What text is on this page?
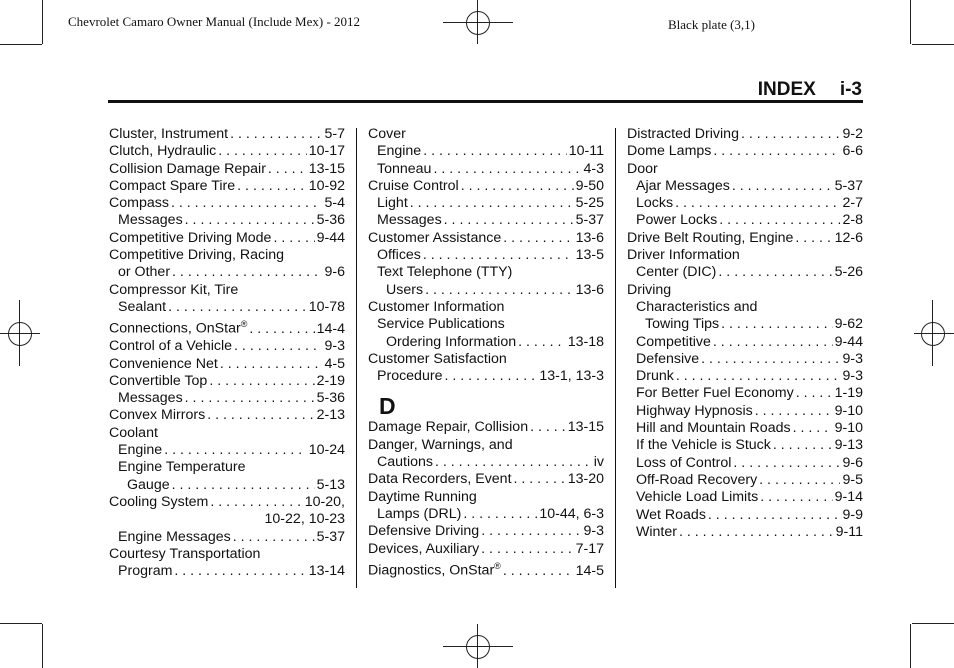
Chevrolet Camaro Owner Manual (Include Mex) - 2012	Black plate (3,1)
INDEX i-3
Cluster, Instrument . . .	5-7
Clutch, Hydraulic . . .	10-17
Collision Damage Repair . . .	13-15
Compact Spare Tire . . .	10-92
Compass . . .	5-4
Messages . . .	5-36
Competitive Driving Mode . . .	9-44
Competitive Driving, Racing
or Other . . .	9-6
Compressor Kit, Tire
Sealant . . .	10-78
Connections, OnStar® . . .	14-4
Control of a Vehicle . . .	9-3
Convenience Net . . .	4-5
Convertible Top . . .	2-19
Messages . . .	5-36
Convex Mirrors . . .	2-13
Coolant
Engine . . .	10-24
Engine Temperature
Gauge . . .	5-13
Cooling System . . .	10-20,
10-22, 10-23
Engine Messages . . .	5-37
Courtesy Transportation
Program . . .	13-14
Cover
Engine . . .	10-11
Tonneau . . .	4-3
Cruise Control . . .	9-50
Light . . .	5-25
Messages . . .	5-37
Customer Assistance . . .	13-6
Offices . . .	13-5
Text Telephone (TTY)
Users . . .	13-6
Customer Information
Service Publications
Ordering Information . . .	13-18
Customer Satisfaction
Procedure . . .	13-1, 13-3
D
Damage Repair, Collision . . .	13-15
Danger, Warnings, and
Cautions . . .	iv
Data Recorders, Event . . .	13-20
Daytime Running
Lamps (DRL) . . .	10-44, 6-3
Defensive Driving . . .	9-3
Devices, Auxiliary . . .	7-17
Diagnostics, OnStar® . . .	14-5
Distracted Driving . . .	9-2
Dome Lamps . . .	6-6
Door
Ajar Messages . . .	5-37
Locks . . .	2-7
Power Locks . . .	2-8
Drive Belt Routing, Engine . . .	12-6
Driver Information
Center (DIC) . . .	5-26
Driving
Characteristics and
Towing Tips . . .	9-62
Competitive . . .	9-44
Defensive . . .	9-3
Drunk . . .	9-3
For Better Fuel Economy . . .	1-19
Highway Hypnosis . . .	9-10
Hill and Mountain Roads . . .	9-10
If the Vehicle is Stuck . . .	9-13
Loss of Control . . .	9-6
Off-Road Recovery . . .	9-5
Vehicle Load Limits . . .	9-14
Wet Roads . . .	9-9
Winter . . .	9-11
